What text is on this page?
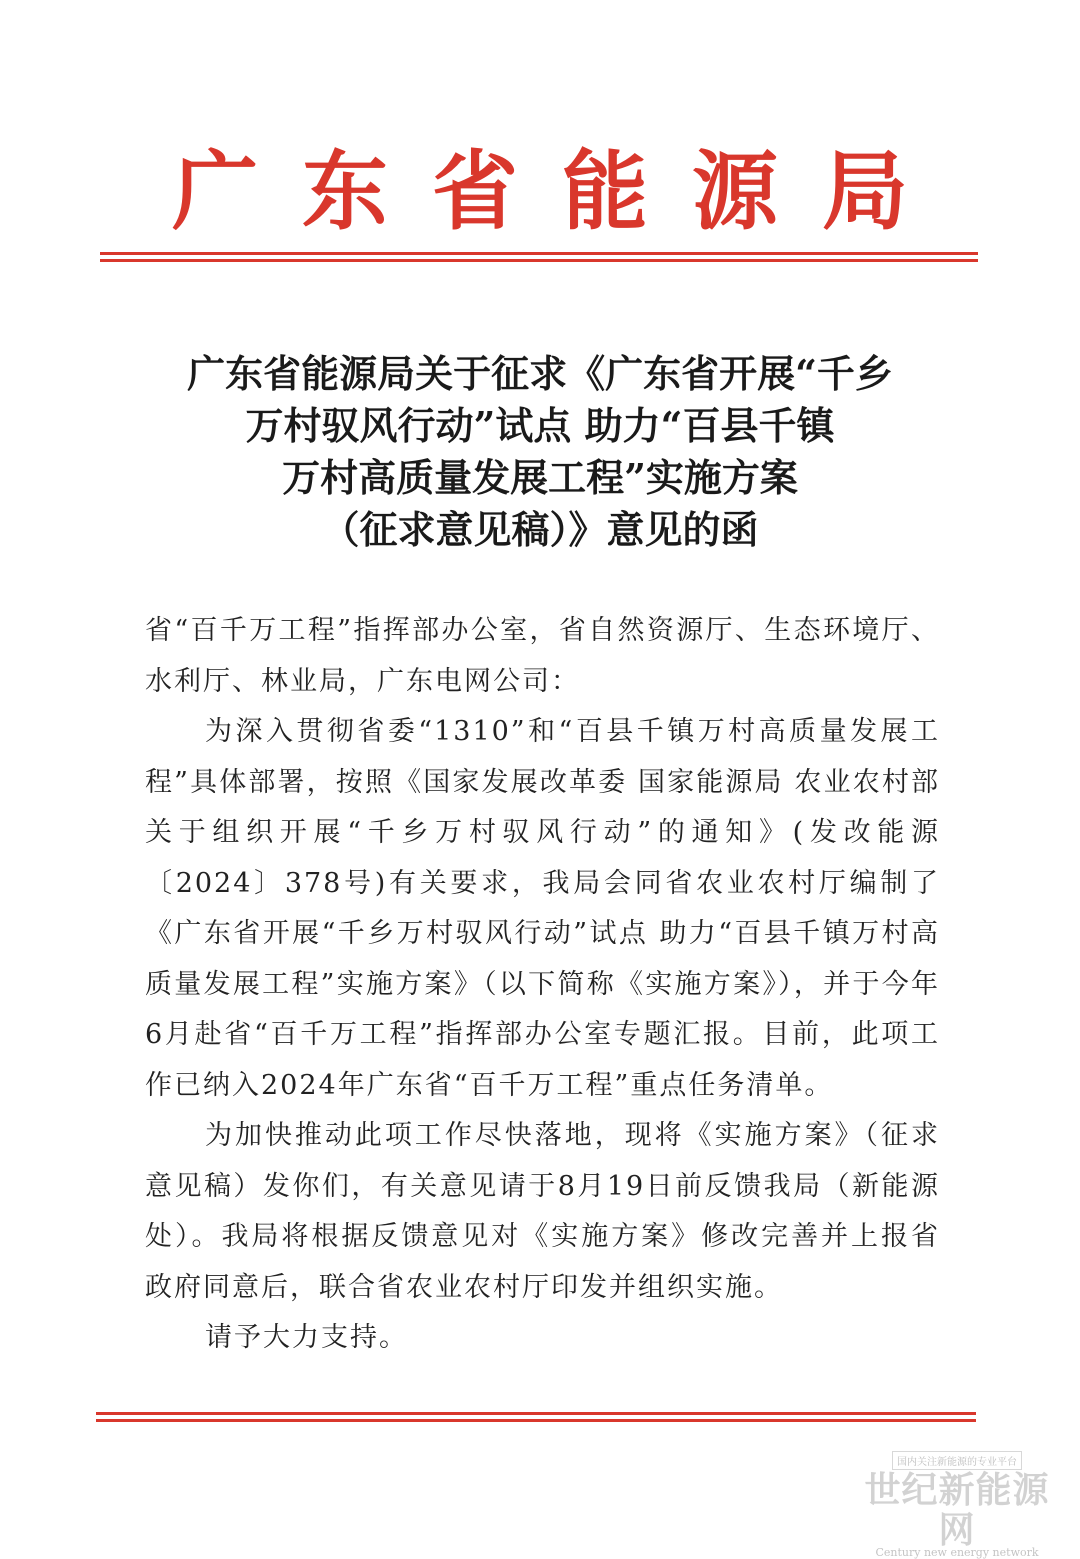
广 东 省 能 源 局
广东省能源局关于征求《广东省开展“千乡
万村驭风行动”试点 助力“百县千镇
万村高质量发展工程”实施方案
（征求意见稿）》意见的函

省“百千万工程”指挥部办公室，省自然资源厅、生态环境厅、水利厅、林业局，广东电网公司：

为深入贯彻省委“1310”和“百县千镇万村高质量发展工程”具体部署，按照《国家发展改革委 国家能源局 农业农村部关于组织开展“千乡万村驭风行动”的通知》(发改能源〔2024〕378号)有关要求，我局会同省农业农村厅编制了《广东省开展“千乡万村驭风行动”试点 助力“百县千镇万村高质量发展工程”实施方案》（以下简称《实施方案》），并于今年6月赴省“百千万工程”指挥部办公室专题汇报。目前，此项工作已纳入2024年广东省“百千万工程”重点任务清单。

为加快推动此项工作尽快落地，现将《实施方案》（征求意见稿）发你们，有关意见请于8月19日前反馈我局（新能源处）。我局将根据反馈意见对《实施方案》修改完善并上报省政府同意后，联合省农业农村厅印发并组织实施。

请予大力支持。

国内关注新能源的专业平台
世纪新能源网
Century new energy network
